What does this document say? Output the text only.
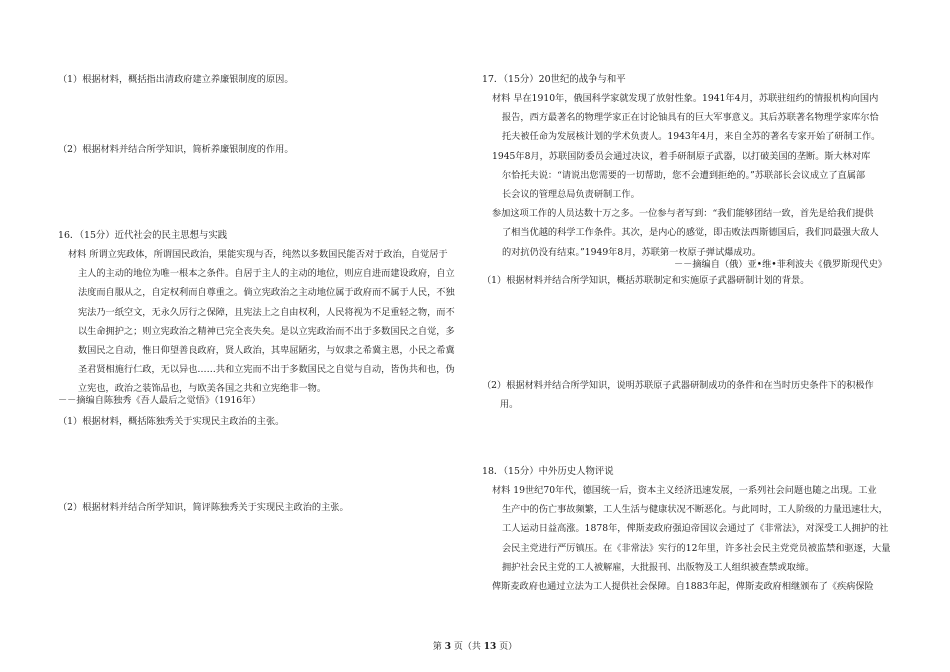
（1）根据材料，概括指出清政府建立养廉银制度的原因。
（2）根据材料并结合所学知识，简析养廉银制度的作用。
16．（15分）近代社会的民主思想与实践
材料 所谓立宪政体，所谓国民政治，果能实现与否，纯然以多数国民能否对于政治，自觉居于
主人的主动的地位为唯一根本之条件。自居于主人的主动的地位，则应自进而建设政府，自立
法度而自服从之，自定权利而自尊重之。倘立宪政治之主动地位属于政府而不属于人民，不独
宪法乃一纸空文，无永久厉行之保障，且宪法上之自由权利，人民将视为不足重轻之物，而不
以生命拥护之；则立宪政治之精神已完全丧失矣。是以立宪政治而不出于多数国民之自觉，多
数国民之自动，惟日仰望善良政府，贤人政治，其卑屈陋劣，与奴隶之希冀主恩，小民之希冀
圣君贤相施行仁政，无以异也……共和立宪而不出于多数国民之自觉与自动，皆伪共和也，伪
立宪也，政治之装饰品也，与欧美各国之共和立宪绝非一物。
－－摘编自陈独秀《吾人最后之觉悟》（1916年）
（1）根据材料，概括陈独秀关于实现民主政治的主张。
（2）根据材料并结合所学知识，简评陈独秀关于实现民主政治的主张。
17．（15分）20世纪的战争与和平
材料 早在1910年，俄国科学家就发现了放射性象。1941年4月，苏联驻纽约的情报机构向国内
报告，西方最著名的物理学家正在讨论铀具有的巨大军事意义。其后苏联著名物理学家库尔恰
托夫被任命为发展核计划的学术负责人。1943年4月，来自全苏的著名专家开始了研制工作。
1945年8月，苏联国防委员会通过决议，着手研制原子武器，以打破美国的垄断。斯大林对库
尔恰托夫说：“请说出您需要的一切帮助，您不会遭到拒绝的。”苏联部长会议成立了直属部
长会议的管理总局负责研制工作。
参加这项工作的人员达数十万之多。一位参与者写到：“我们能够团结一致，首先是给我们提供
了相当优越的科学工作条件。其次，是内心的感觉，即击败法西斯德国后，我们同最强大敌人
的对抗仍没有结束。”1949年8月，苏联第一枚原子弹试爆成功。
－－摘编自（俄）亚•维•菲利波夫《俄罗斯现代史》
（1）根据材料并结合所学知识，概括苏联制定和实施原子武器研制计划的背景。
（2）根据材料并结合所学知识，说明苏联原子武器研制成功的条件和在当时历史条件下的积极作
用。
18．（15分）中外历史人物评说
材料 19世纪70年代，德国统一后，资本主义经济迅速发展，一系列社会问题也随之出现。工业
生产中的伤亡事故频繁，工人生活与健康状况不断恶化。与此同时，工人阶级的力量迅速壮大，
工人运动日益高涨。1878年，俾斯麦政府强迫帝国议会通过了《非常法》，对深受工人拥护的社
会民主党进行严厉镇压。在《非常法》实行的12年里，许多社会民主党党员被监禁和驱逐，大量
拥护社会民主党的工人被解雇，大批报刊、出版物及工人组织被查禁或取缔。
俾斯麦政府也通过立法为工人提供社会保障。自1883年起，俾斯麦政府相继颁布了《疾病保险
第 3 页（共 13 页）
